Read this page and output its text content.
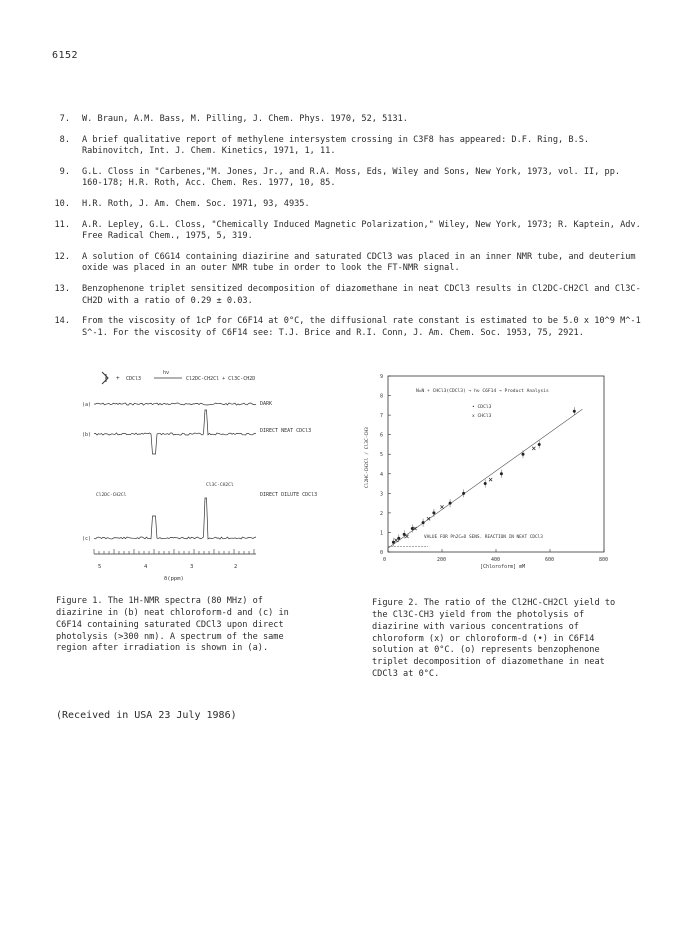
6152
7.	W. Braun, A.M. Bass, M. Pilling, J. Chem. Phys. 1970, 52, 5131.
8.	A brief qualitative report of methylene intersystem crossing in C3F8 has appeared: D.F. Ring, B.S. Rabinovitch, Int. J. Chem. Kinetics, 1971, 1, 11.
9.	G.L. Closs in "Carbenes,"M. Jones, Jr., and R.A. Moss, Eds, Wiley and Sons, New York, 1973, vol. II, pp. 160-178; H.R. Roth, Acc. Chem. Res. 1977, 10, 85.
10.	H.R. Roth, J. Am. Chem. Soc. 1971, 93, 4935.
11.	A.R. Lepley, G.L. Closs, "Chemically Induced Magnetic Polarization," Wiley, New York, 1973; R. Kaptein, Adv. Free Radical Chem., 1975, 5, 319.
12.	A solution of C6G14 containing diazirine and saturated CDCl3 was placed in an inner NMR tube, and deuterium oxide was placed in an outer NMR tube in order to look the FT-NMR signal.
13.	Benzophenone triplet sensitized decomposition of diazomethane in neat CDCl3 results in Cl2DC-CH2Cl and Cl3C-CH2D with a ratio of 0.29 ± 0.03.
14.	From the viscosity of 1cP for C6F14 at 0°C, the diffusional rate constant is estimated to be 5.0 x 10^9 M^-1 S^-1. For the viscosity of C6F14 see: T.J. Brice and R.I. Conn, J. Am. Chem. Soc. 1953, 75, 2921.
+ CDCl3
hν
Cl2DC-CH2Cl + Cl3C-CH2D
(a)
(b)
(c)
DARK
DIRECT NEAT CDCl3
DIRECT DILUTE CDCl3
Cl2DC-CH2Cl
Cl3C-CH2Cl
5	4	3	2
δ(ppm)
N=N + CHCl3(CDCl3) → hν C6F14 → Product Analysis
• CDCl3
x CHCl3
Cl2HC-CH2Cl / Cl3C-CH3
[Chloroform] mM
VALUE FOR Ph2C=O SENS. REACTION IN NEAT CDCl3
0
1
2
3
4
5
6
7
8
9
0	200	400	600	800
Figure 1. The 1H-NMR spectra (80 MHz) of diazirine in (b) neat chloroform-d and (c) in C6F14 containing saturated CDCl3 upon direct photolysis (>300 nm). A spectrum of the same region after irradiation is shown in (a).
Figure 2. The ratio of the Cl2HC-CH2Cl yield to the Cl3C-CH3 yield from the photolysis of diazirine with various concentrations of chloroform (x) or chloroform-d (•) in C6F14 solution at 0°C. (o) represents benzophenone triplet decomposition of diazomethane in neat CDCl3 at 0°C.
(Received in USA 23 July 1986)
